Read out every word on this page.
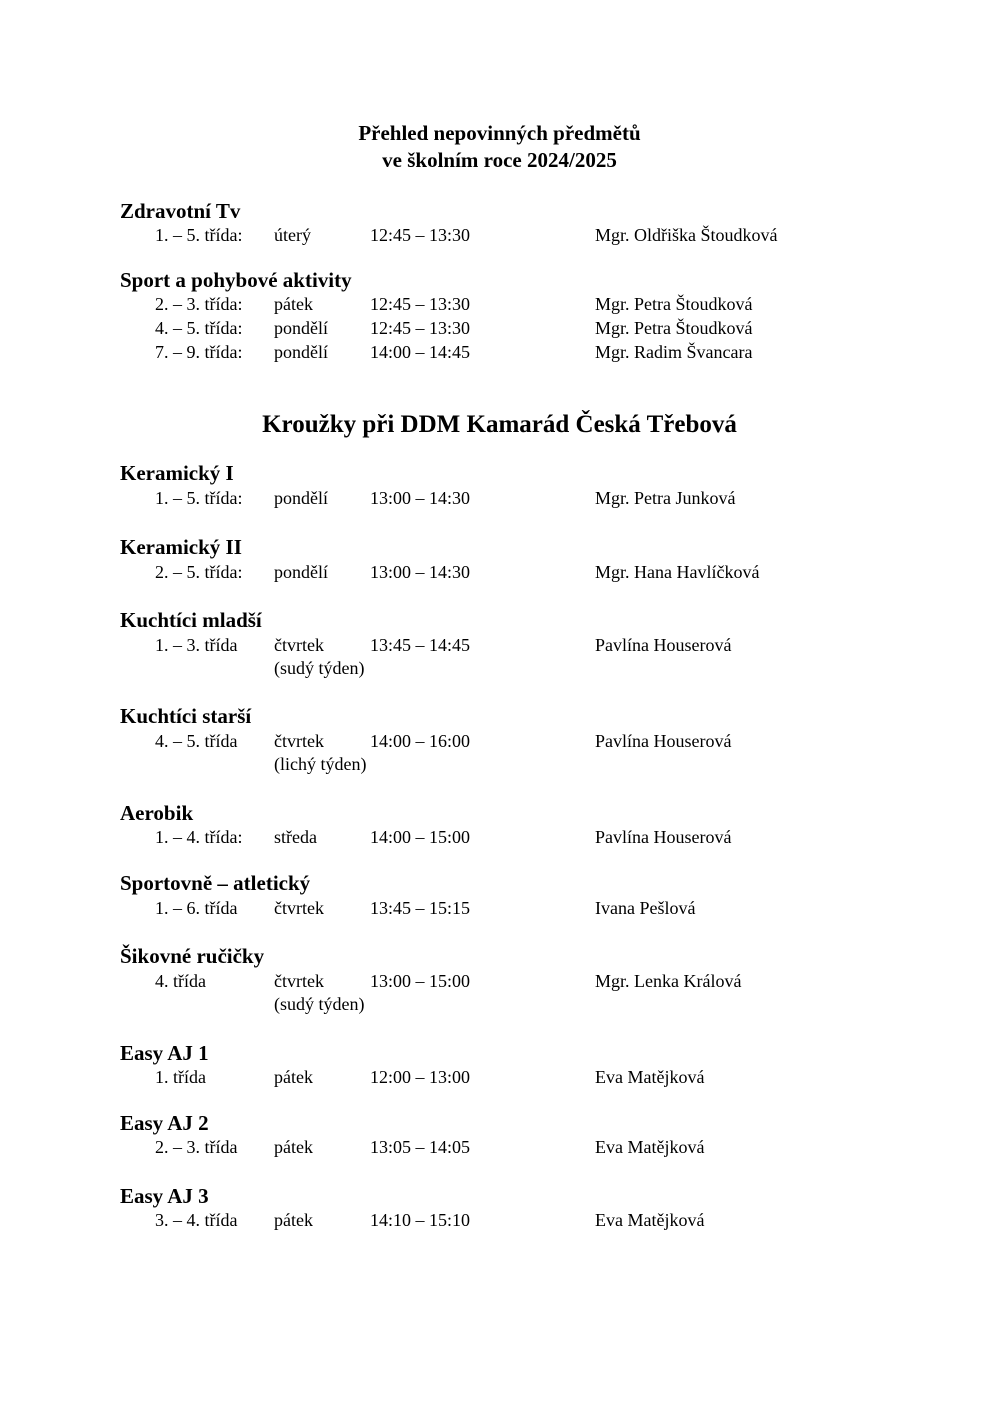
Přehled nepovinných předmětů
ve školním roce 2024/2025
Zdravotní Tv
1. – 5. třída: úterý	12:45 – 13:30	Mgr. Oldřiška Štoudková
Sport a pohybové aktivity
2. – 3. třída: pátek	12:45 – 13:30	Mgr. Petra Štoudková
4. – 5. třída: pondělí 12:45 – 13:30	Mgr. Petra Štoudková
7. – 9. třída: pondělí 14:00 – 14:45	Mgr. Radim Švancara
Kroužky při DDM Kamarád Česká Třebová
Keramický I
1. – 5. třída: pondělí 13:00 – 14:30	Mgr. Petra Junková
Keramický II
2. – 5. třída: pondělí 13:00 – 14:30	Mgr. Hana Havlíčková
Kuchtíci mladší
1. – 3. třída čtvrtek	13:45 – 14:45	Pavlína Houserová
(sudý týden)
Kuchtíci starší
4. – 5. třída čtvrtek	14:00 – 16:00	Pavlína Houserová
(lichý týden)
Aerobik
1. – 4. třída: středa	14:00 – 15:00	Pavlína Houserová
Sportovně – atletický
1. – 6. třída čtvrtek	13:45 – 15:15	Ivana Pešlová
Šikovné ručičky
4. třída	čtvrtek	13:00 – 15:00	Mgr. Lenka Králová
(sudý týden)
Easy AJ 1
1. třída	pátek	12:00 – 13:00	Eva Matějková
Easy AJ 2
2. – 3. třída pátek	13:05 – 14:05	Eva Matějková
Easy AJ 3
3. – 4. třída pátek	14:10 – 15:10	Eva Matějková
